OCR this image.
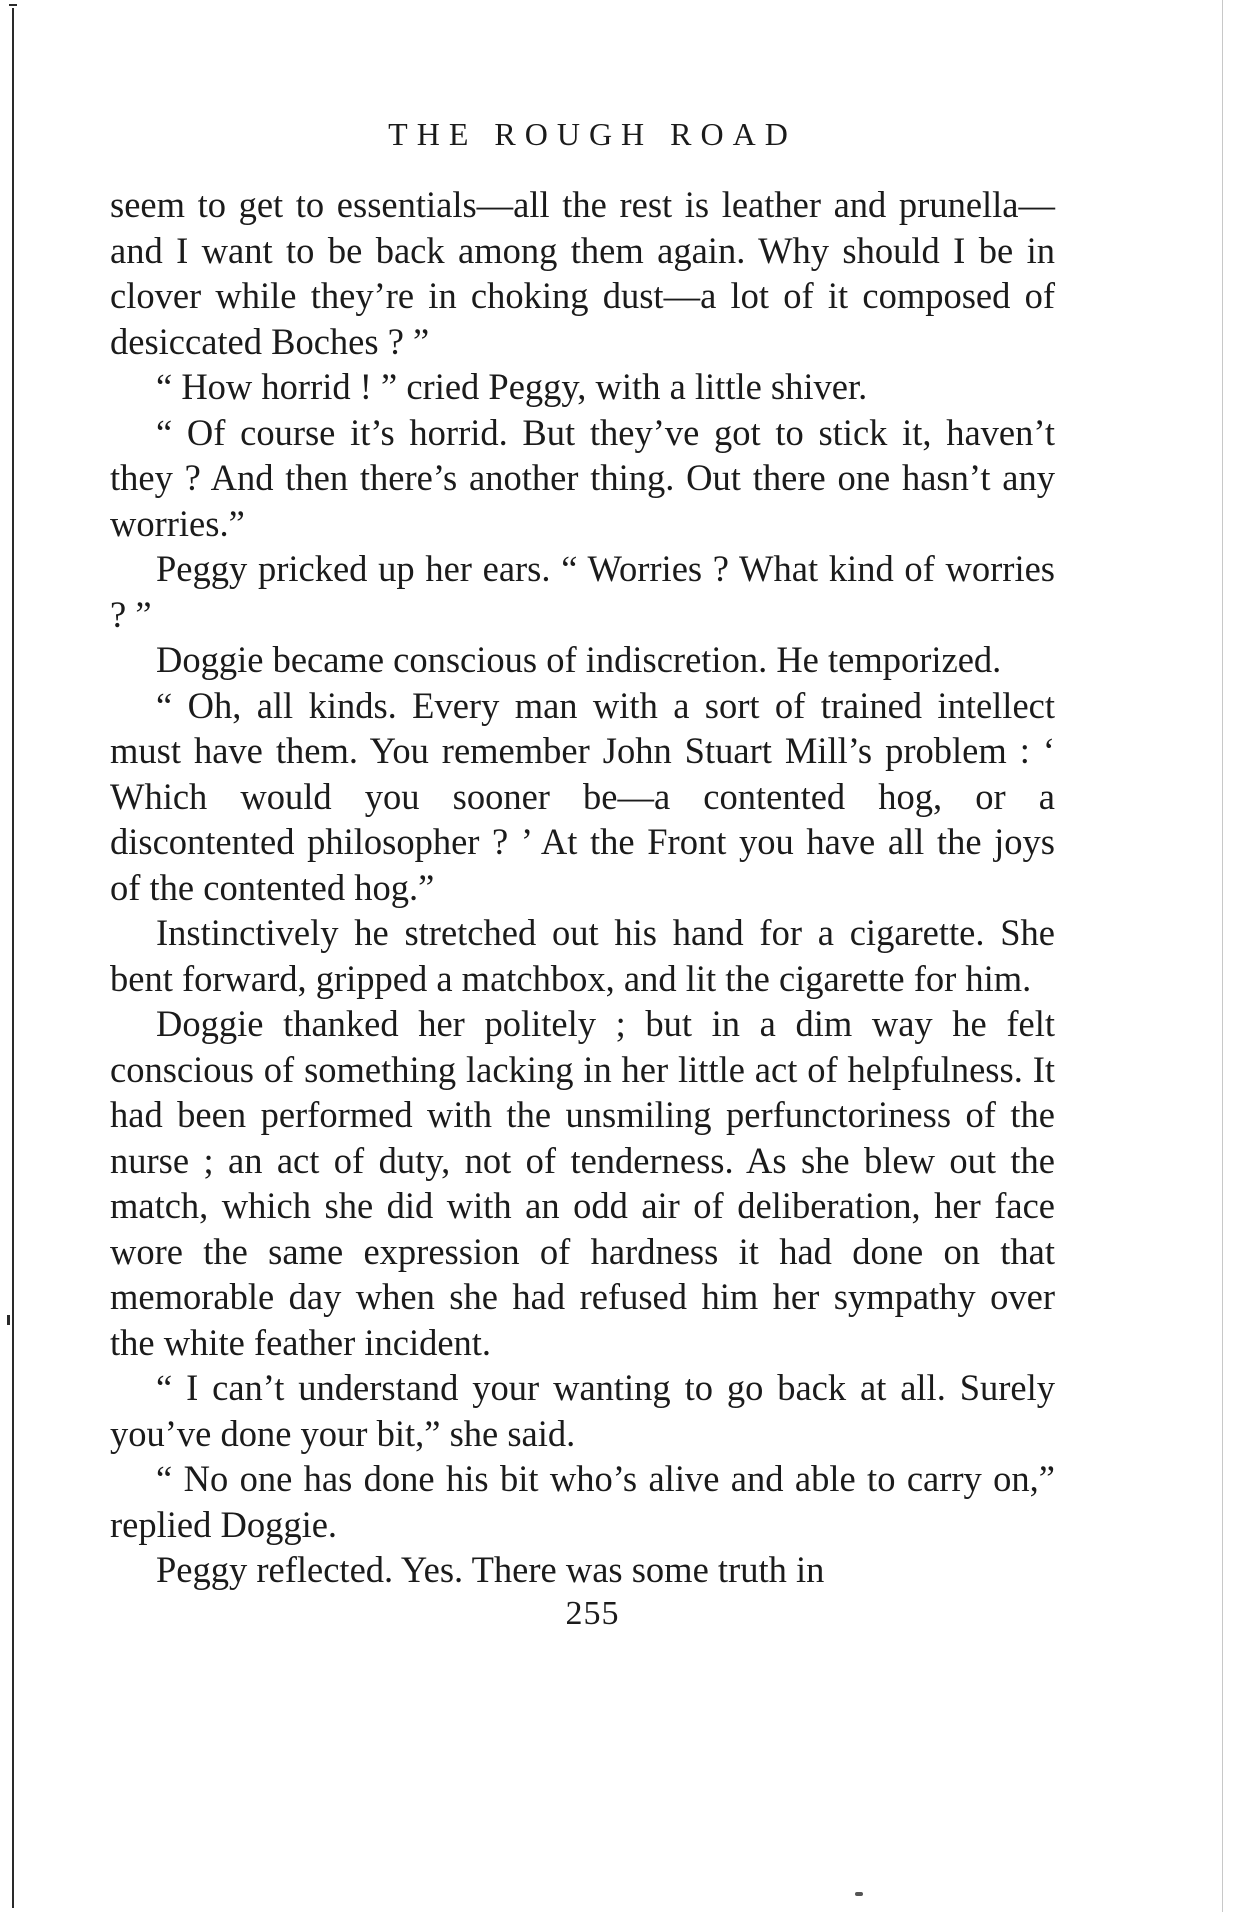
THE ROUGH ROAD

seem to get to essentials—all the rest is leather and prunella—and I want to be back among them again. Why should I be in clover while they’re in choking dust—a lot of it composed of desiccated Boches ? ”

“ How horrid ! ” cried Peggy, with a little shiver.

“ Of course it’s horrid. But they’ve got to stick it, haven’t they ? And then there’s another thing. Out there one hasn’t any worries.”

Peggy pricked up her ears. “ Worries ? What kind of worries ? ”

Doggie became conscious of indiscretion. He temporized.

“ Oh, all kinds. Every man with a sort of trained intellect must have them. You remember John Stuart Mill’s problem : ‘ Which would you sooner be—a contented hog, or a discontented philosopher ? ’ At the Front you have all the joys of the contented hog.”

Instinctively he stretched out his hand for a cigarette. She bent forward, gripped a matchbox, and lit the cigarette for him.

Doggie thanked her politely ; but in a dim way he felt conscious of something lacking in her little act of helpfulness. It had been performed with the unsmiling perfunctoriness of the nurse ; an act of duty, not of tenderness. As she blew out the match, which she did with an odd air of deliberation, her face wore the same expression of hardness it had done on that memorable day when she had refused him her sympathy over the white feather incident.

“ I can’t understand your wanting to go back at all. Surely you’ve done your bit,” she said.

“ No one has done his bit who’s alive and able to carry on,” replied Doggie.

Peggy reflected. Yes. There was some truth in

255
